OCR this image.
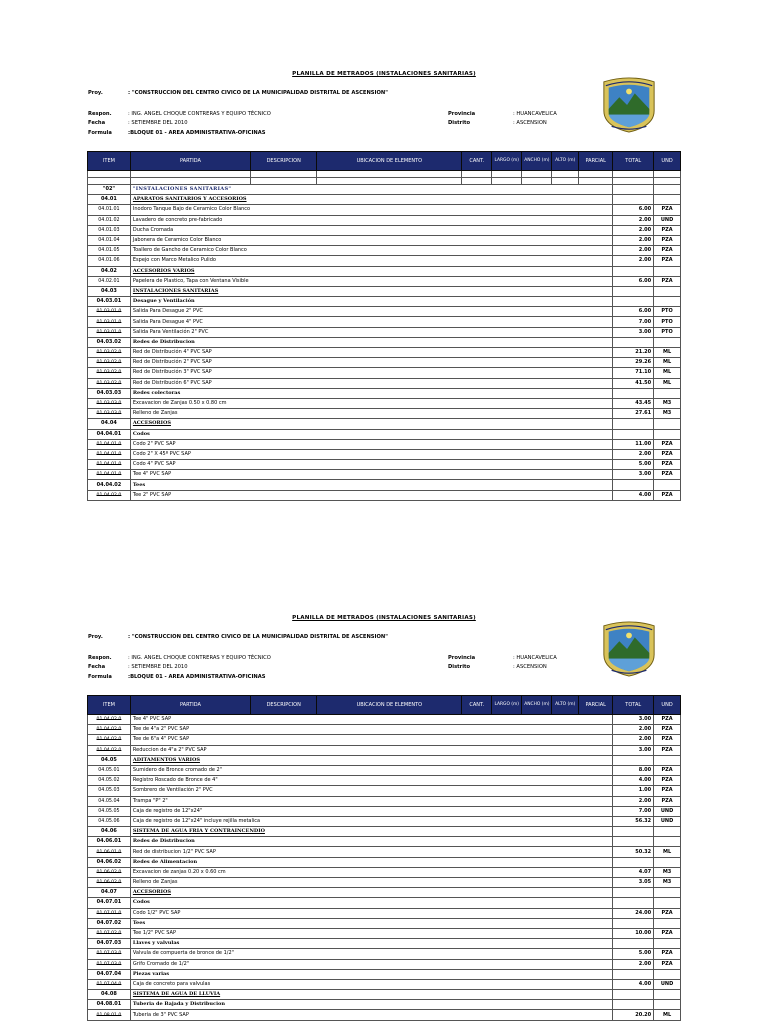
PLANILLA DE METRADOS (INSTALACIONES SANITARIAS)
Proy.	: "CONSTRUCCION DEL CENTRO CIVICO DE LA MUNICIPALIDAD DISTRITAL DE ASCENSION"
Respon.	: ING. ANGEL CHOQUE CONTRERAS Y EQUIPO TÉCNICO
Fecha	: SETIEMBRE DEL 2010
Formula	:BLOQUE 01 - AREA ADMINISTRATIVA-OFICINAS
Provincia	: HUANCAVELICA
Distrito	: ASCENSION
ITEM	PARTIDA	DESCRIPCION	UBICACION DE ELEMENTO	CANT.	LARGO (m)	ANCHO (m)	ALTO (m)	PARCIAL	TOTAL	UND

"02"	"INSTALACIONES SANITARIAS"									
04.01	APARATOS SANITARIOS Y ACCESORIOS									
04.01.01	Inodoro Tanque Bajo de Ceramico Color Blanco								6.00	PZA
04.01.02	Lavadero de concreto pre-fabricado								2.00	UND
04.01.03	Ducha Cromada								2.00	PZA
04.01.04	Jabonera de Ceramico Color Blanco								2.00	PZA
04.01.05	Toallero de Gancho de Ceramico Color Blanco								2.00	PZA
04.01.06	Espejo con Marco Metalico Pulido								2.00	PZA
04.02	ACCESORIOS VARIOS									
04.02.01	Papelera de Plastico, Tapa con Ventana Visible								6.00	PZA
04.03	INSTALACIONES SANITARIAS									
04.03.01	Desague y Ventilación									
01.03.01.0	Salida Para Desague 2" PVC								6.00	PTO
01.03.01.0	Salida Para Desague 4" PVC								7.00	PTO
01.03.01.0	Salida Para Ventilación 2" PVC								3.00	PTO
04.03.02	Redes de Distribucion									
01.03.02.0	Red de Distribución 4" PVC SAP								21.20	ML
01.03.02.0	Red de Distribución 2" PVC SAP								29.26	ML
01.03.02.0	Red de Distribución 3" PVC SAP								71.10	ML
01.03.02.0	Red de Distribución 6" PVC SAP								41.50	ML
04.03.03	Redes colectoras									
01.03.03.0	Excavacion de Zanjas 0.50 x 0.80 cm								43.45	M3
01.03.03.0	Relleno de Zanjas								27.61	M3
04.04	ACCESORIOS									
04.04.01	Codos									
01.04.01.0	Codo 2" PVC SAP								11.00	PZA
01.04.01.0	Codo 2" X 45º PVC SAP								2.00	PZA
01.04.01.0	Codo 4" PVC SAP								5.00	PZA
01.04.01.0	Tee 4" PVC SAP								3.00	PZA
04.04.02	Tees									
01.04.02.0	Tee 2" PVC SAP								4.00	PZA
PLANILLA DE METRADOS (INSTALACIONES SANITARIAS)
Proy.	: "CONSTRUCCION DEL CENTRO CIVICO DE LA MUNICIPALIDAD DISTRITAL DE ASCENSION"
Respon.	: ING. ANGEL CHOQUE CONTRERAS Y EQUIPO TÉCNICO
Fecha	: SETIEMBRE DEL 2010
Formula	:BLOQUE 01 - AREA ADMINISTRATIVA-OFICINAS
Provincia	: HUANCAVELICA
Distrito	: ASCENSION
ITEM	PARTIDA	DESCRIPCION	UBICACION DE ELEMENTO	CANT.	LARGO (m)	ANCHO (m)	ALTO (m)	PARCIAL	TOTAL	UND
01.04.02.0	Tee 4" PVC SAP								3.00	PZA
01.04.02.0	Tee de 4"a 2" PVC SAP								2.00	PZA
01.04.02.0	Tee de 6"a 4" PVC SAP								2.00	PZA
01.04.02.0	Reduccion de 4"a 2" PVC SAP								3.00	PZA
04.05	ADITAMENTOS VARIOS									
04.05.01	Sumidero de Bronce cromado de 2"								8.00	PZA
04.05.02	Registro Roscado de Bronce de 4"								4.00	PZA
04.05.03	Sombrero de Ventilación 2" PVC								1.00	PZA
04.05.04	Trampa "P" 2"								2.00	PZA
04.05.05	Caja de registro de 12"x24"								7.00	UND
04.05.06	Caja de registro de 12"x24" incluye rejilla metalica								56.32	UND
04.06	SISTEMA DE AGUA FRIA Y CONTRAINCENDIO									
04.06.01	Redes de Distribucion									
01.06.01.0	Red de distribucion 1/2" PVC SAP								50.32	ML
04.06.02	Redes de Alimentacion									
01.06.02.0	Excavacion de zanjas 0.20 x 0.60 cm								4.07	M3
01.06.02.0	Relleno de Zanjas								3.05	M3
04.07	ACCESORIOS									
04.07.01	Codos									
01.07.01.0	Codo 1/2" PVC SAP								24.00	PZA
04.07.02	Tees									
01.07.02.0	Tee 1/2" PVC SAP								10.00	PZA
04.07.03	Llaves y valvulas									
01.07.03.0	Valvula de compuerta de bronce de 1/2"								5.00	PZA
01.07.03.0	Grifo Cromado de 1/2"								2.00	PZA
04.07.04	Piezas varias									
01.07.04.0	Caja de concreto para valvulas								4.00	UND
04.08	SISTEMA DE AGUA DE LLUVIA									
04.08.01	Tuberia de Bajada y Distribucion									
01.08.01.0	Tuberia de 3" PVC SAP								20.20	ML
